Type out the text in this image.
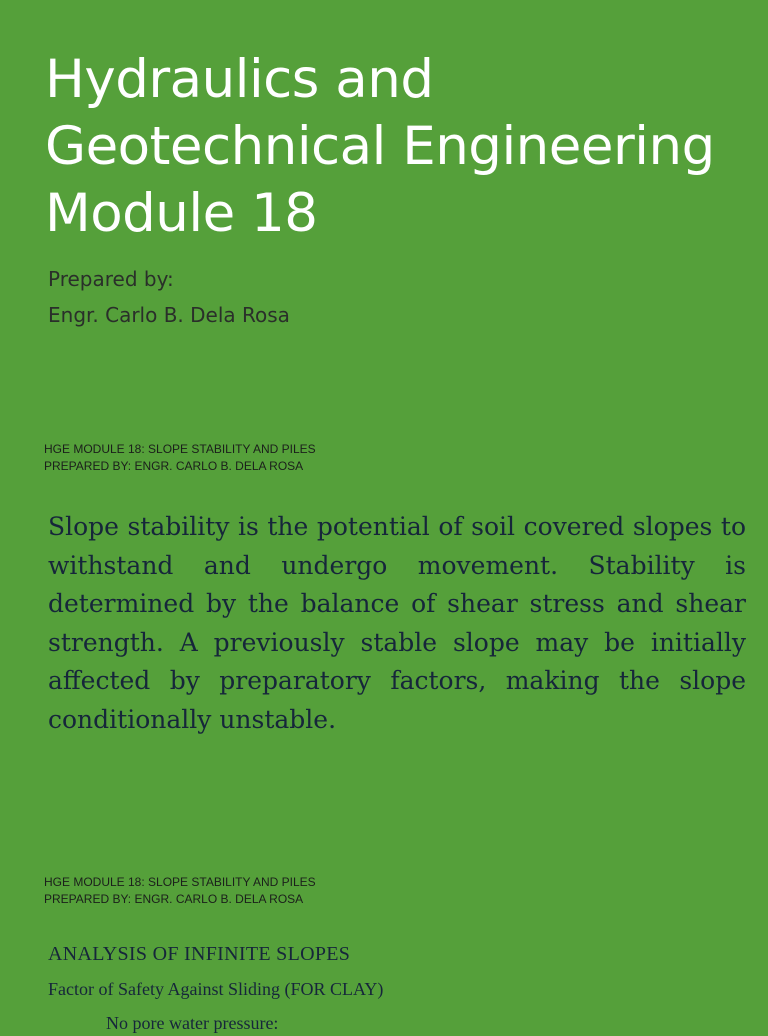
Hydraulics and
Geotechnical Engineering
Module 18

Prepared by:

Engr. Carlo B. Dela Rosa

HGE MODULE 18: SLOPE STABILITY AND PILES
PREPARED BY: ENGR. CARLO B. DELA ROSA

Slope stability is the potential of soil covered slopes to withstand and undergo movement. Stability is determined by the balance of shear stress and shear strength. A previously stable slope may be initially affected by preparatory factors, making the slope conditionally unstable.

HGE MODULE 18: SLOPE STABILITY AND PILES
PREPARED BY: ENGR. CARLO B. DELA ROSA
ANALYSIS OF INFINITE SLOPES

Factor of Safety Against Sliding (FOR CLAY)

No pore water pressure:
